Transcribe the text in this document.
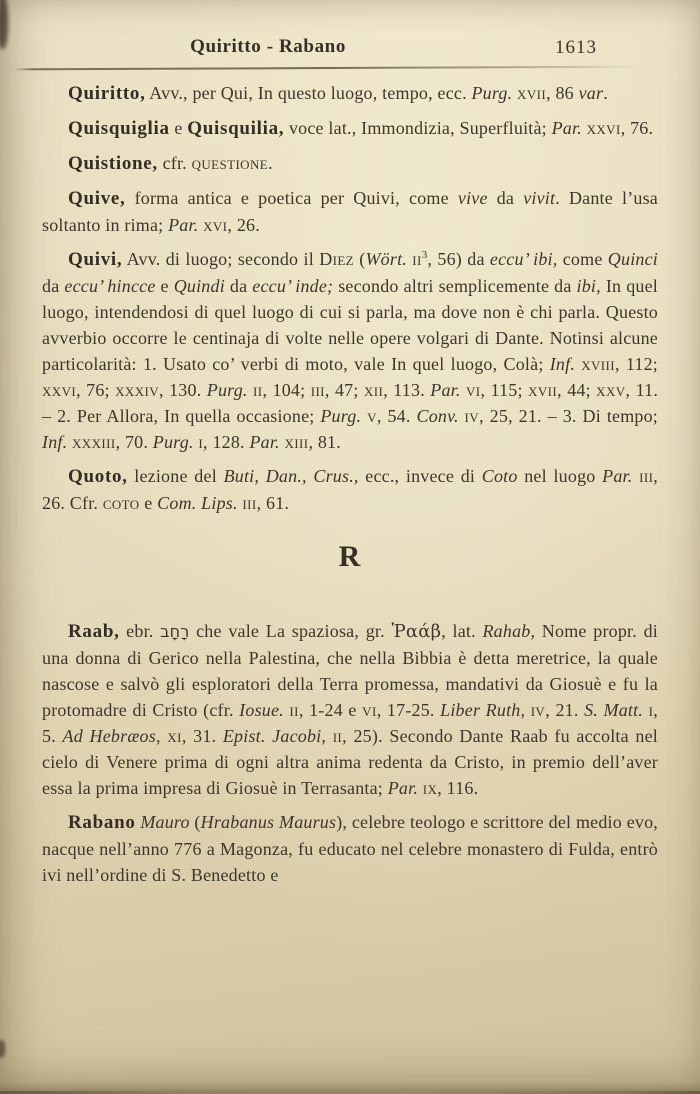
Quiritto - Rabano	1613

Quiritto, Avv., per Qui, In questo luogo, tempo, ecc. Purg. xvii, 86 var.

Quisquiglia e Quisquilia, voce lat., Immondizia, Superfluità; Par. xxvi, 76.

Quistione, cfr. questione.

Quive, forma antica e poetica per Quivi, come vive da vivit. Dante l’usa soltanto in rima; Par. xvi, 26.

Quivi, Avv. di luogo; secondo il Diez (Wört. $ii^3$, 56) da eccu’ ibi, come Quinci da eccu’ hincce e Quindi da eccu’ inde; secondo altri semplicemente da ibi, In quel luogo, intendendosi di quel luogo di cui si parla, ma dove non è chi parla. Questo avverbio occorre le centinaja di volte nelle opere volgari di Dante. Notinsi alcune particolarità: 1. Usato co’ verbi di moto, vale In quel luogo, Colà; Inf. xviii, 112; xxvi, 76; xxxiv, 130. Purg. ii, 104; iii, 47; xii, 113. Par. vi, 115; xvii, 44; xxv, 11. – 2. Per Allora, In quella occasione; Purg. v, 54. Conv. iv, 25, 21. – 3. Di tempo; Inf. xxxiii, 70. Purg. i, 128. Par. xiii, 81.

Quoto, lezione del Buti, Dan., Crus., ecc., invece di Coto nel luogo Par. iii, 26. Cfr. coto e Com. Lips. iii, 61.

R

Raab, ebr. רָחָב che vale La spaziosa, gr. Ῥαάβ, lat. Rahab, Nome propr. di una donna di Gerico nella Palestina, che nella Bibbia è detta meretrice, la quale nascose e salvò gli esploratori della Terra promessa, mandativi da Giosuè e fu la protomadre di Cristo (cfr. Iosue. ii, 1-24 e vi, 17-25. Liber Ruth, iv, 21. S. Matt. i, 5. Ad Hebræos, xi, 31. Epist. Jacobi, ii, 25). Secondo Dante Raab fu accolta nel cielo di Venere prima di ogni altra anima redenta da Cristo, in premio dell’aver essa la prima impresa di Giosuè in Terrasanta; Par. ix, 116.

Rabano Mauro (Hrabanus Maurus), celebre teologo e scrittore del medio evo, nacque nell’anno 776 a Magonza, fu educato nel celebre monastero di Fulda, entrò ivi nell’ordine di S. Benedetto e
